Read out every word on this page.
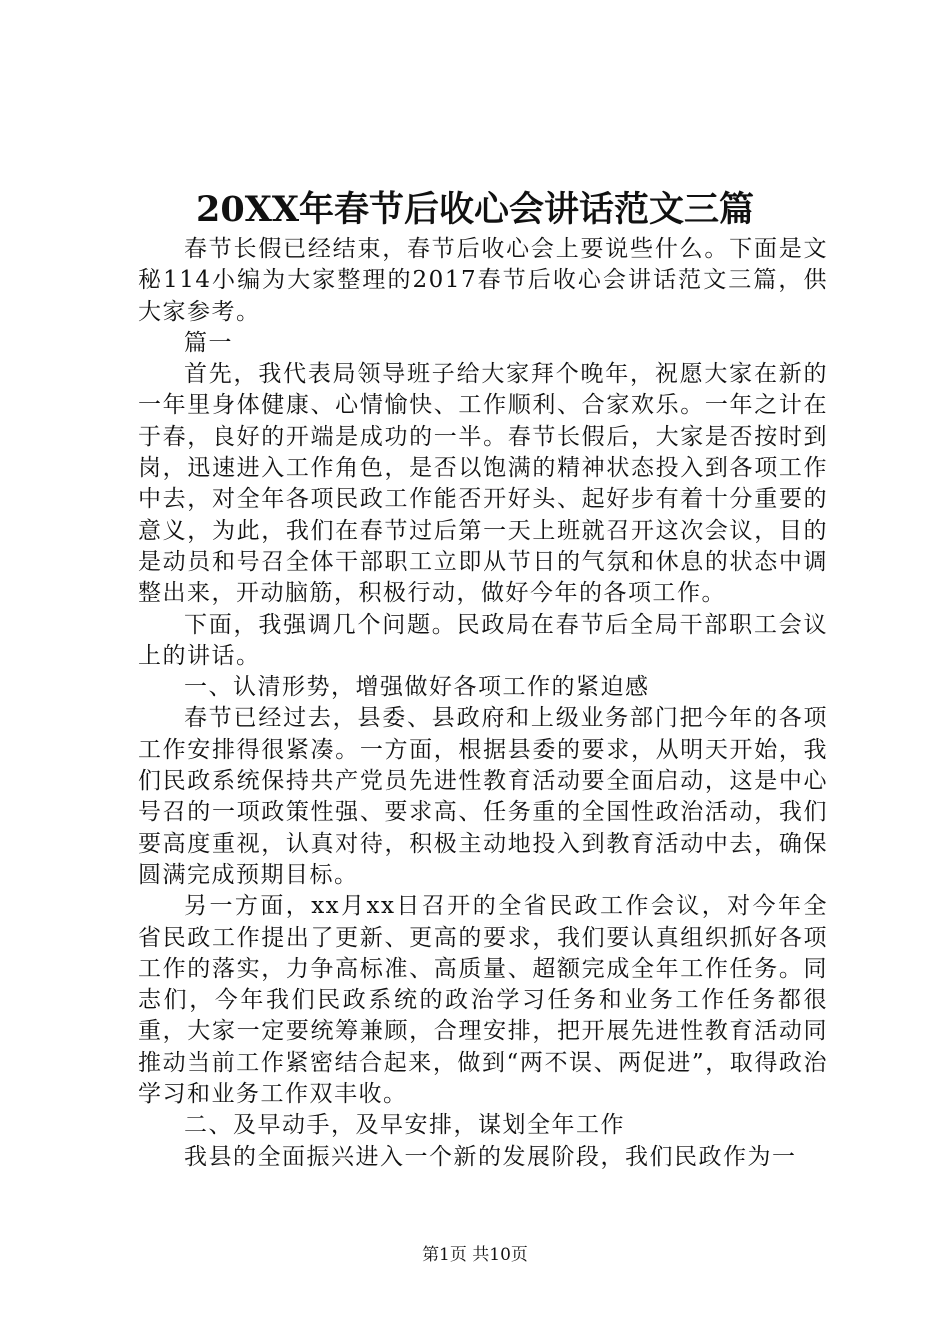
20XX年春节后收心会讲话范文三篇

春节长假已经结束，春节后收心会上要说些什么。下面是文秘114小编为大家整理的2017春节后收心会讲话范文三篇，供大家参考。

篇一

首先，我代表局领导班子给大家拜个晚年，祝愿大家在新的一年里身体健康、心情愉快、工作顺利、合家欢乐。一年之计在于春，良好的开端是成功的一半。春节长假后，大家是否按时到岗，迅速进入工作角色，是否以饱满的精神状态投入到各项工作中去，对全年各项民政工作能否开好头、起好步有着十分重要的意义，为此，我们在春节过后第一天上班就召开这次会议，目的是动员和号召全体干部职工立即从节日的气氛和休息的状态中调整出来，开动脑筋，积极行动，做好今年的各项工作。

下面，我强调几个问题。民政局在春节后全局干部职工会议上的讲话。

一、认清形势，增强做好各项工作的紧迫感

春节已经过去，县委、县政府和上级业务部门把今年的各项工作安排得很紧凑。一方面，根据县委的要求，从明天开始，我们民政系统保持共产党员先进性教育活动要全面启动，这是中心号召的一项政策性强、要求高、任务重的全国性政治活动，我们要高度重视，认真对待，积极主动地投入到教育活动中去，确保圆满完成预期目标。

另一方面，xx月xx日召开的全省民政工作会议，对今年全省民政工作提出了更新、更高的要求，我们要认真组织抓好各项工作的落实，力争高标准、高质量、超额完成全年工作任务。同志们，今年我们民政系统的政治学习任务和业务工作任务都很重，大家一定要统筹兼顾，合理安排，把开展先进性教育活动同推动当前工作紧密结合起来，做到“两不误、两促进”，取得政治学习和业务工作双丰收。

二、及早动手，及早安排，谋划全年工作

我县的全面振兴进入一个新的发展阶段，我们民政作为一

第1页 共10页
